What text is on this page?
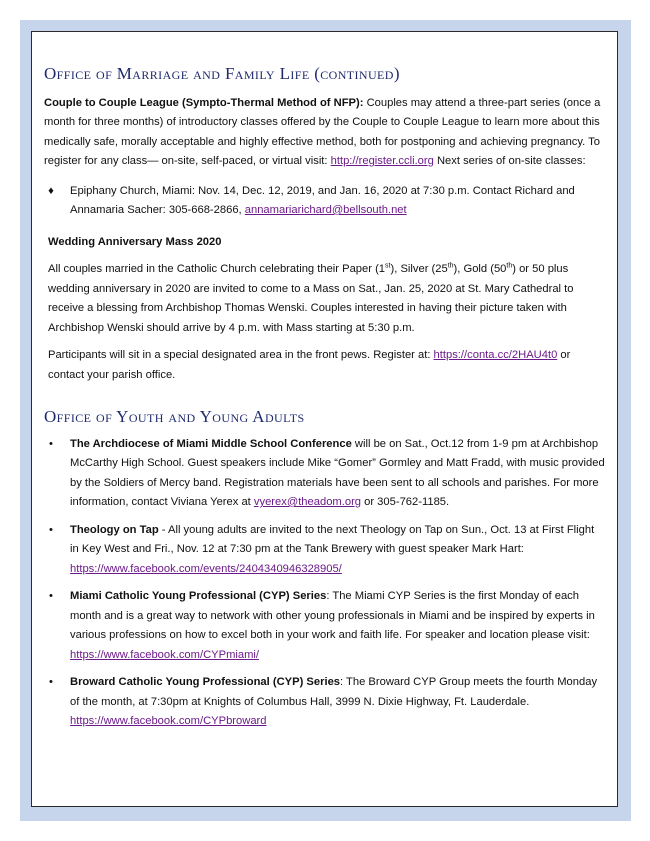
Office of Marriage and Family Life (continued)

Couple to Couple League (Sympto-Thermal Method of NFP): Couples may attend a three-part series (once a month for three months) of introductory classes offered by the Couple to Couple League to learn more about this medically safe, morally acceptable and highly effective method, both for postponing and achieving pregnancy. To register for any class— on-site, self-paced, or virtual visit: http://register.ccli.org Next series of on-site classes:

♦	Epiphany Church, Miami: Nov. 14, Dec. 12, 2019, and Jan. 16, 2020 at 7:30 p.m. Contact Richard and Annamaria Sacher: 305-668-2866, annamariarichard@bellsouth.net

Wedding Anniversary Mass 2020

All couples married in the Catholic Church celebrating their Paper (1st), Silver (25th), Gold (50th) or 50 plus wedding anniversary in 2020 are invited to come to a Mass on Sat., Jan. 25, 2020 at St. Mary Cathedral to receive a blessing from Archbishop Thomas Wenski. Couples interested in having their picture taken with Archbishop Wenski should arrive by 4 p.m. with Mass starting at 5:30 p.m.

Participants will sit in a special designated area in the front pews. Register at: https://conta.cc/2HAU4t0 or contact your parish office.

Office of Youth and Young Adults
•	The Archdiocese of Miami Middle School Conference will be on Sat., Oct.12 from 1-9 pm at Archbishop McCarthy High School. Guest speakers include Mike “Gomer” Gormley and Matt Fradd, with music provided by the Soldiers of Mercy band. Registration materials have been sent to all schools and parishes. For more information, contact Viviana Yerex at vyerex@theadom.org or 305-762-1185.
•	Theology on Tap - All young adults are invited to the next Theology on Tap on Sun., Oct. 13 at First Flight in Key West and Fri., Nov. 12 at 7:30 pm at the Tank Brewery with guest speaker Mark Hart: https://www.facebook.com/events/2404340946328905/
•	Miami Catholic Young Professional (CYP) Series: The Miami CYP Series is the first Monday of each month and is a great way to network with other young professionals in Miami and be inspired by experts in various professions on how to excel both in your work and faith life. For speaker and location please visit: https://www.facebook.com/CYPmiami/
•	Broward Catholic Young Professional (CYP) Series: The Broward CYP Group meets the fourth Monday of the month, at 7:30pm at Knights of Columbus Hall, 3999 N. Dixie Highway, Ft. Lauderdale. https://www.facebook.com/CYPbroward
